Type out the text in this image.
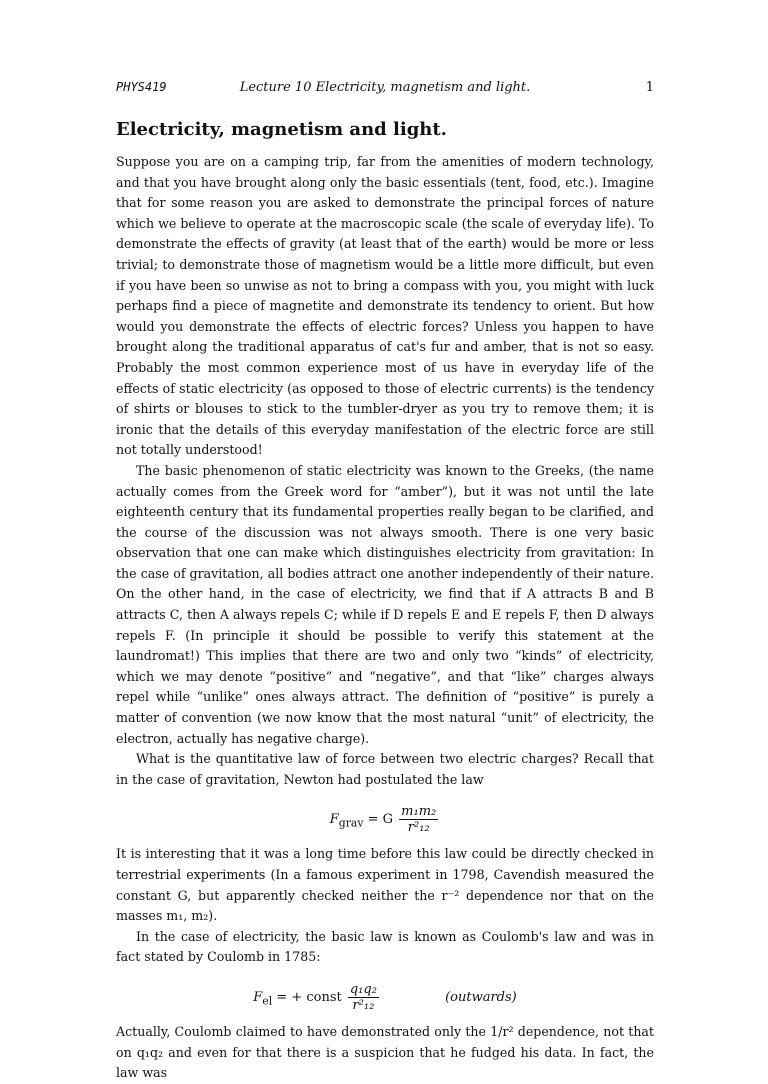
PHYS419	Lecture 10 Electricity, magnetism and light.	1
Electricity, magnetism and light.

Suppose you are on a camping trip, far from the amenities of modern technology, and that you have brought along only the basic essentials (tent, food, etc.). Imagine that for some reason you are asked to demonstrate the principal forces of nature which we believe to operate at the macroscopic scale (the scale of everyday life). To demonstrate the effects of gravity (at least that of the earth) would be more or less trivial; to demonstrate those of magnetism would be a little more difficult, but even if you have been so unwise as not to bring a compass with you, you might with luck perhaps find a piece of magnetite and demonstrate its tendency to orient. But how would you demonstrate the effects of electric forces? Unless you happen to have brought along the traditional apparatus of cat's fur and amber, that is not so easy. Probably the most common experience most of us have in everyday life of the effects of static electricity (as opposed to those of electric currents) is the tendency of shirts or blouses to stick to the tumbler-dryer as you try to remove them; it is ironic that the details of this everyday manifestation of the electric force are still not totally understood!

The basic phenomenon of static electricity was known to the Greeks, (the name actually comes from the Greek word for “amber”), but it was not until the late eighteenth century that its fundamental properties really began to be clarified, and the course of the discussion was not always smooth. There is one very basic observation that one can make which distinguishes electricity from gravitation: In the case of gravitation, all bodies attract one another independently of their nature. On the other hand, in the case of electricity, we find that if A attracts B and B attracts C, then A always repels C; while if D repels E and E repels F, then D always repels F. (In principle it should be possible to verify this statement at the laundromat!) This implies that there are two and only two “kinds” of electricity, which we may denote ”positive” and “negative”, and that “like” charges always repel while “unlike” ones always attract. The definition of “positive” is purely a matter of convention (we now know that the most natural “unit” of electricity, the electron, actually has negative charge).

What is the quantitative law of force between two electric charges? Recall that in the case of gravitation, Newton had postulated the law

$F_{grav} = G \frac{\text{m₁m₂}}{\text{r²₁₂}}$

It is interesting that it was a long time before this law could be directly checked in terrestrial experiments (In a famous experiment in 1798, Cavendish measured the constant G, but apparently checked neither the r⁻² dependence nor that on the masses m₁, m₂).

In the case of electricity, the basic law is known as Coulomb's law and was in fact stated by Coulomb in 1785:

$F_{el}$ = + const $\frac{\text{q₁q₂}}{\text{r²₁₂}}$	(outwards)

Actually, Coulomb claimed to have demonstrated only the 1/r² dependence, not that on q₁q₂ and even for that there is a suspicion that he fudged his data. In fact, the law was
